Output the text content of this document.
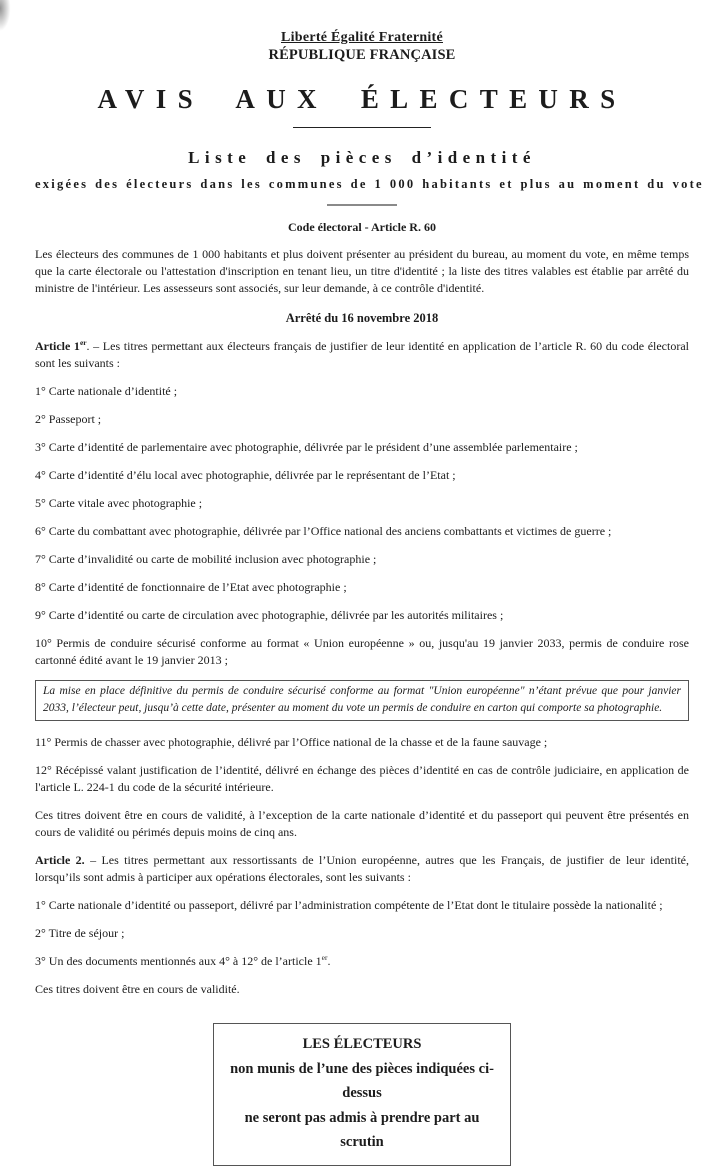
Liberté Égalité Fraternité
RÉPUBLIQUE FRANÇAISE
AVIS AUX ÉLECTEURS
Liste des pièces d’identité
exigées des électeurs dans les communes de 1 000 habitants et plus au moment du vote
Code électoral - Article R. 60

Les électeurs des communes de 1 000 habitants et plus doivent présenter au président du bureau, au moment du vote, en même temps que la carte électorale ou l'attestation d'inscription en tenant lieu, un titre d'identité ; la liste des titres valables est établie par arrêté du ministre de l'intérieur. Les assesseurs sont associés, sur leur demande, à ce contrôle d'identité.

Arrêté du 16 novembre 2018

Article 1er. – Les titres permettant aux électeurs français de justifier de leur identité en application de l’article R. 60 du code électoral sont les suivants :

1° Carte nationale d’identité ;

2° Passeport ;

3° Carte d’identité de parlementaire avec photographie, délivrée par le président d’une assemblée parlementaire ;

4° Carte d’identité d’élu local avec photographie, délivrée par le représentant de l’Etat ;

5° Carte vitale avec photographie ;

6° Carte du combattant avec photographie, délivrée par l’Office national des anciens combattants et victimes de guerre ;

7° Carte d’invalidité ou carte de mobilité inclusion avec photographie ;

8° Carte d’identité de fonctionnaire de l’Etat avec photographie ;

9° Carte d’identité ou carte de circulation avec photographie, délivrée par les autorités militaires ;

10° Permis de conduire sécurisé conforme au format « Union européenne » ou, jusqu'au 19 janvier 2033, permis de conduire rose cartonné édité avant le 19 janvier 2013 ;

La mise en place définitive du permis de conduire sécurisé conforme au format "Union européenne" n’étant prévue que pour janvier 2033, l’électeur peut, jusqu’à cette date, présenter au moment du vote un permis de conduire en carton qui comporte sa photographie.

11° Permis de chasser avec photographie, délivré par l’Office national de la chasse et de la faune sauvage ;

12° Récépissé valant justification de l’identité, délivré en échange des pièces d’identité en cas de contrôle judiciaire, en application de l'article L. 224-1 du code de la sécurité intérieure.

Ces titres doivent être en cours de validité, à l’exception de la carte nationale d’identité et du passeport qui peuvent être présentés en cours de validité ou périmés depuis moins de cinq ans.

Article 2. – Les titres permettant aux ressortissants de l’Union européenne, autres que les Français, de justifier de leur identité, lorsqu’ils sont admis à participer aux opérations électorales, sont les suivants :

1° Carte nationale d’identité ou passeport, délivré par l’administration compétente de l’Etat dont le titulaire possède la nationalité ;

2° Titre de séjour ;

3° Un des documents mentionnés aux 4° à 12° de l’article 1er.

Ces titres doivent être en cours de validité.

LES ÉLECTEURS
non munis de l’une des pièces indiquées ci-dessus
ne seront pas admis à prendre part au scrutin
